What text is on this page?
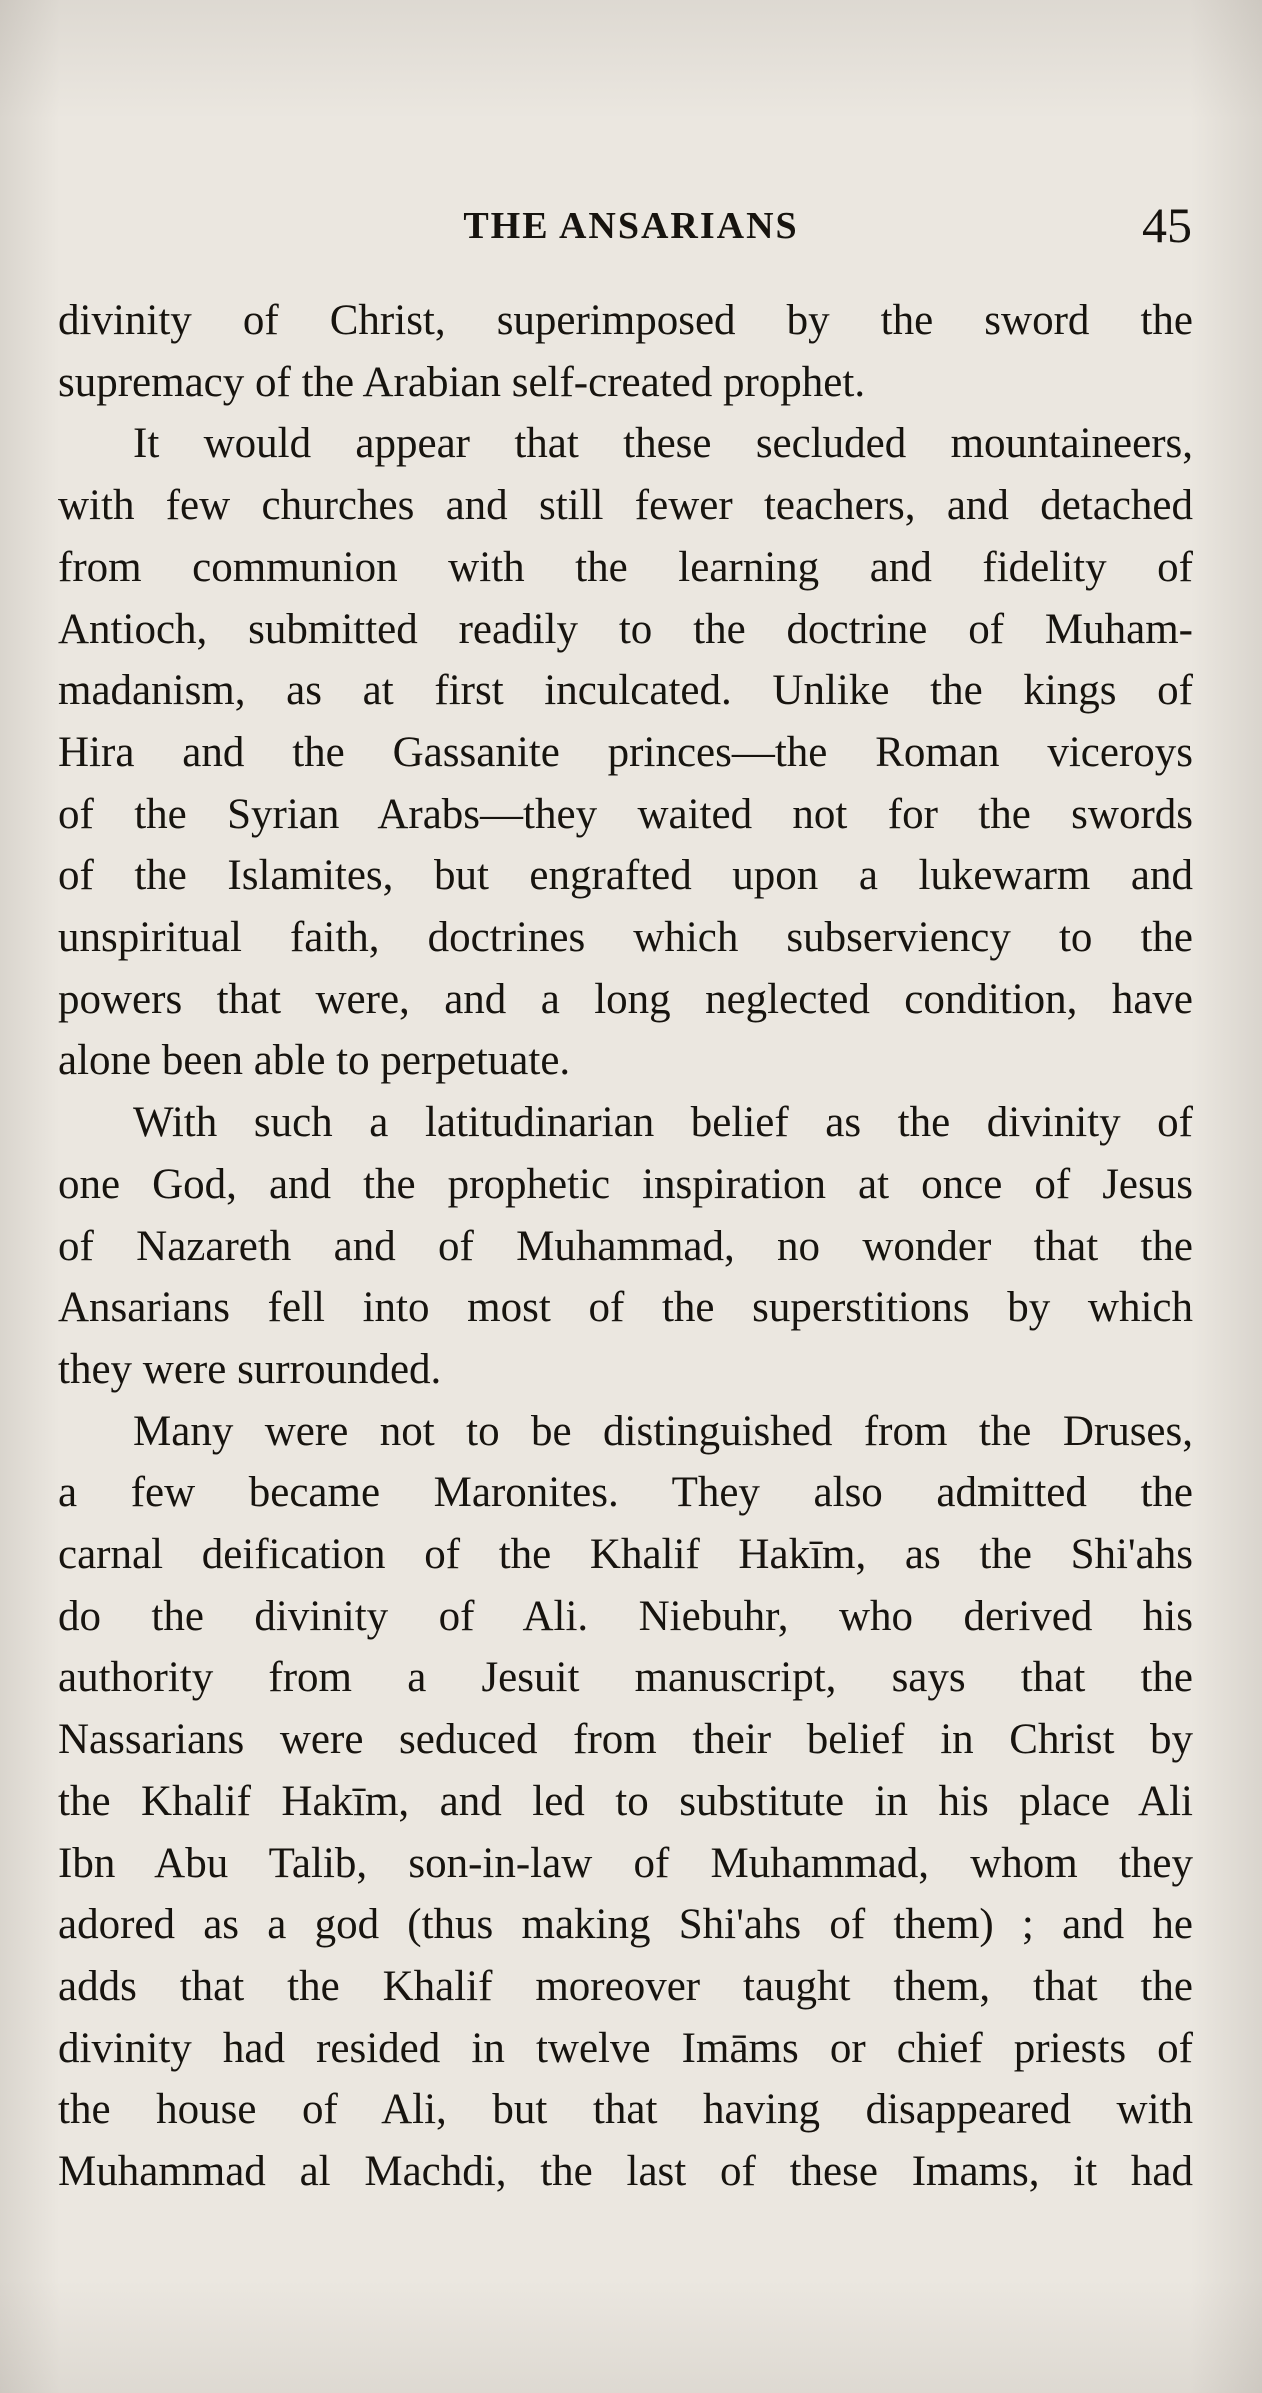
THE ANSARIANS	45

divinity of Christ, superimposed by the sword the
supremacy of the Arabian self-created prophet.

It would appear that these secluded mountaineers,
with few churches and still fewer teachers, and detached
from communion with the learning and fidelity of
Antioch, submitted readily to the doctrine of Muham-
madanism, as at first inculcated. Unlike the kings of
Hira and the Gassanite princes—the Roman viceroys
of the Syrian Arabs—they waited not for the swords
of the Islamites, but engrafted upon a lukewarm and
unspiritual faith, doctrines which subserviency to the
powers that were, and a long neglected condition, have
alone been able to perpetuate.

With such a latitudinarian belief as the divinity of
one God, and the prophetic inspiration at once of Jesus
of Nazareth and of Muhammad, no wonder that the
Ansarians fell into most of the superstitions by which
they were surrounded.

Many were not to be distinguished from the Druses,
a few became Maronites. They also admitted the
carnal deification of the Khalif Hakīm, as the Shi'ahs
do the divinity of Ali. Niebuhr, who derived his
authority from a Jesuit manuscript, says that the
Nassarians were seduced from their belief in Christ by
the Khalif Hakīm, and led to substitute in his place Ali
Ibn Abu Talib, son-in-law of Muhammad, whom they
adored as a god (thus making Shi'ahs of them) ; and he
adds that the Khalif moreover taught them, that the
divinity had resided in twelve Imāms or chief priests of
the house of Ali, but that having disappeared with
Muhammad al Machdi, the last of these Imams, it had
